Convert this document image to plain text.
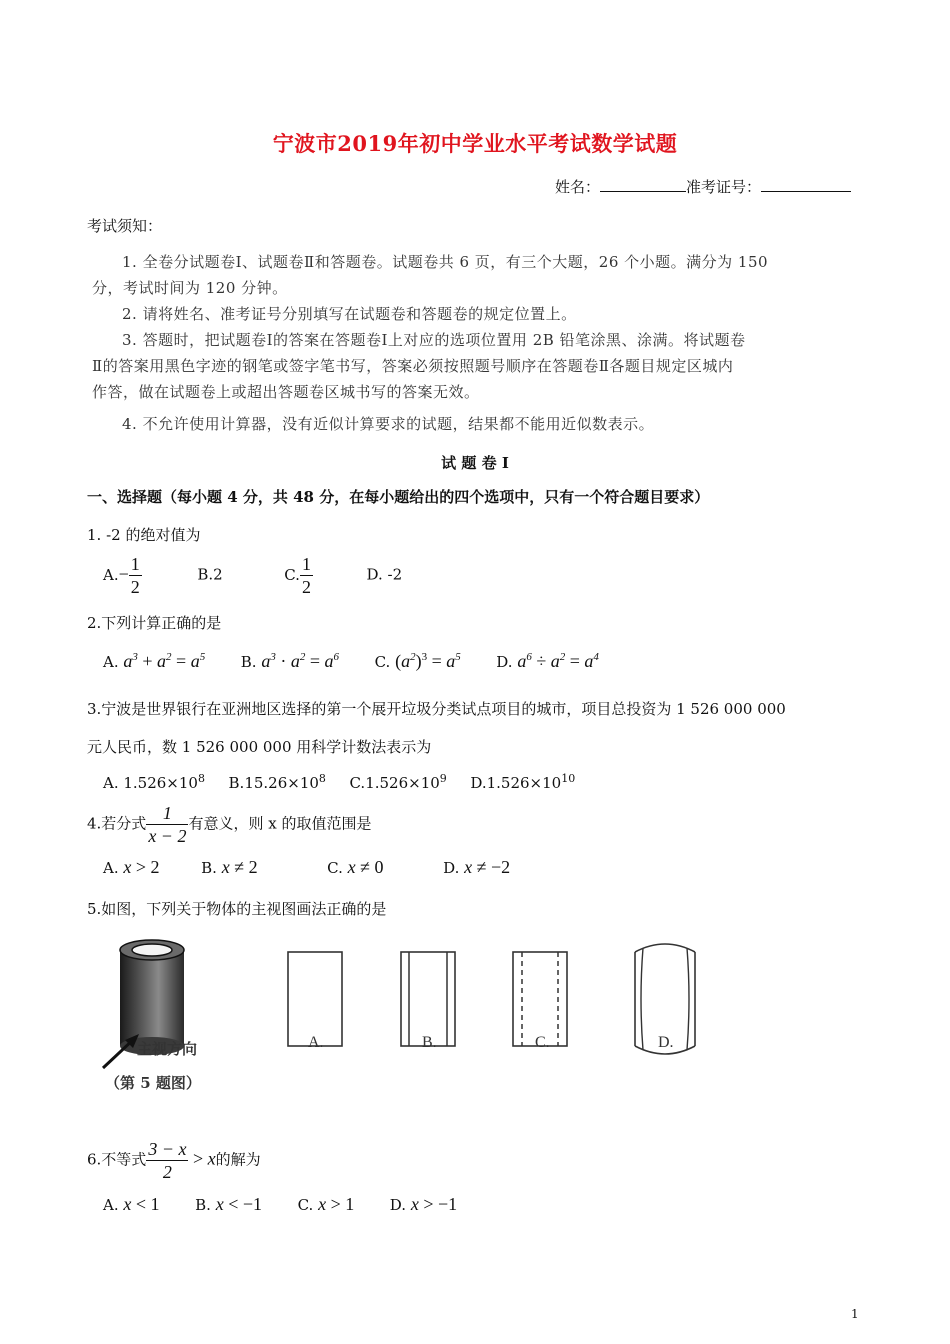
宁波市2019年初中学业水平考试数学试题
姓名：	准考证号：
考试须知：
1. 全卷分试题卷Ⅰ、试题卷Ⅱ和答题卷。试题卷共 6 页，有三个大题，26 个小题。满分为 150
分，考试时间为 120 分钟。
2. 请将姓名、准考证号分别填写在试题卷和答题卷的规定位置上。
3. 答题时，把试题卷Ⅰ的答案在答题卷Ⅰ上对应的选项位置用 2B 铅笔涂黑、涂满。将试题卷
Ⅱ的答案用黑色字迹的钢笔或签字笔书写，答案必须按照题号顺序在答题卷Ⅱ各题目规定区城内
作答，做在试题卷上或超出答题卷区城书写的答案无效。
4. 不允许使用计算器，没有近似计算要求的试题，结果都不能用近似数表示。
试 题 卷 I
一、选择题（每小题 4 分，共 48 分，在每小题给出的四个选项中，只有一个符合题目要求）
1. -2 的绝对值为
$A.- \frac{1}{2}$	B.2	C. $\frac{1}{2}$	D. -2
2.下列计算正确的是
A. $a^3 + a^2 = a^5$ B. $a^3 \cdot a^2 = a^6$ C. $(a^2)^3 = a^5$ D. $a^6 \div a^2 = a^4$
3.宁波是世界银行在亚洲地区选择的第一个展开垃圾分类试点项目的城市，项目总投资为 1 526 000 000
元人民币，数 1 526 000 000 用科学计数法表示为
A. $1.526\times 10^8$ $B.15.26\times 10^8$ $C.1.526\times 10^9$ $D.1.526\times 10^{10}$
4.若分式 $\frac{1}{x - 2}$ 有意义，则 x 的取值范围是
A. x > 2	B. x ≠ 2	C. x ≠ 0	D. x ≠ −2
5.如图，下列关于物体的主视图画法正确的是
主视方向
（第 5 题图）
A.	B.	C.	D.
6.不等式 $\frac{3 - x}{2} > x$的解为
A. x < 1 B. x < −1 C. x > 1 D. x > −1
1
